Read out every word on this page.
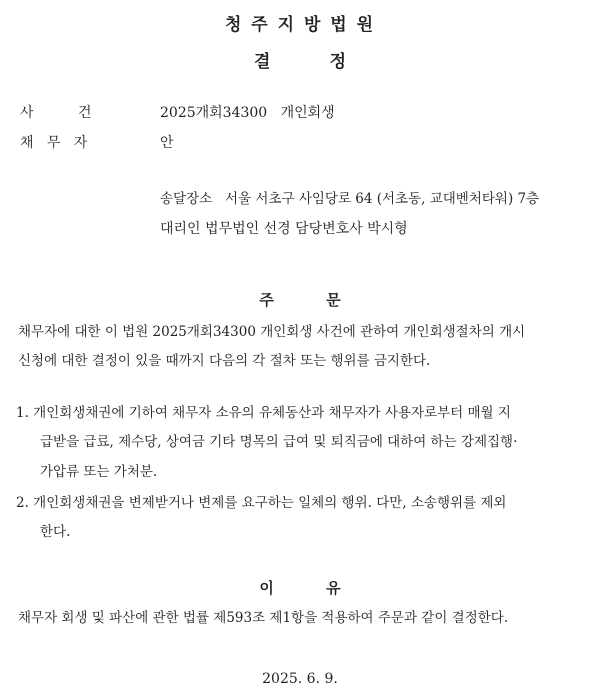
청 주 지 방 법 원
결          정
사          건	2025개회34300   개인회생
채   무   자	안
송달장소   서울 서초구 사임당로 64 (서초동, 교대벤처타워) 7층
대리인 법무법인 선경 담당변호사 박시형
주          문
채무자에 대한 이 법원 2025개회34300 개인회생 사건에 관하여 개인회생절차의 개시
신청에 대한 결정이 있을 때까지 다음의 각 절차 또는 행위를 금지한다.
1. 개인회생채권에 기하여 채무자 소유의 유체동산과 채무자가 사용자로부터 매월 지
급받을 급료, 제수당, 상여금 기타 명목의 급여 및 퇴직금에 대하여 하는 강제집행·
가압류 또는 가처분.
2. 개인회생채권을 변제받거나 변제를 요구하는 일체의 행위. 다만, 소송행위를 제외
한다.
이          유
채무자 회생 및 파산에 관한 법률 제593조 제1항을 적용하여 주문과 같이 결정한다.
2025. 6. 9.
